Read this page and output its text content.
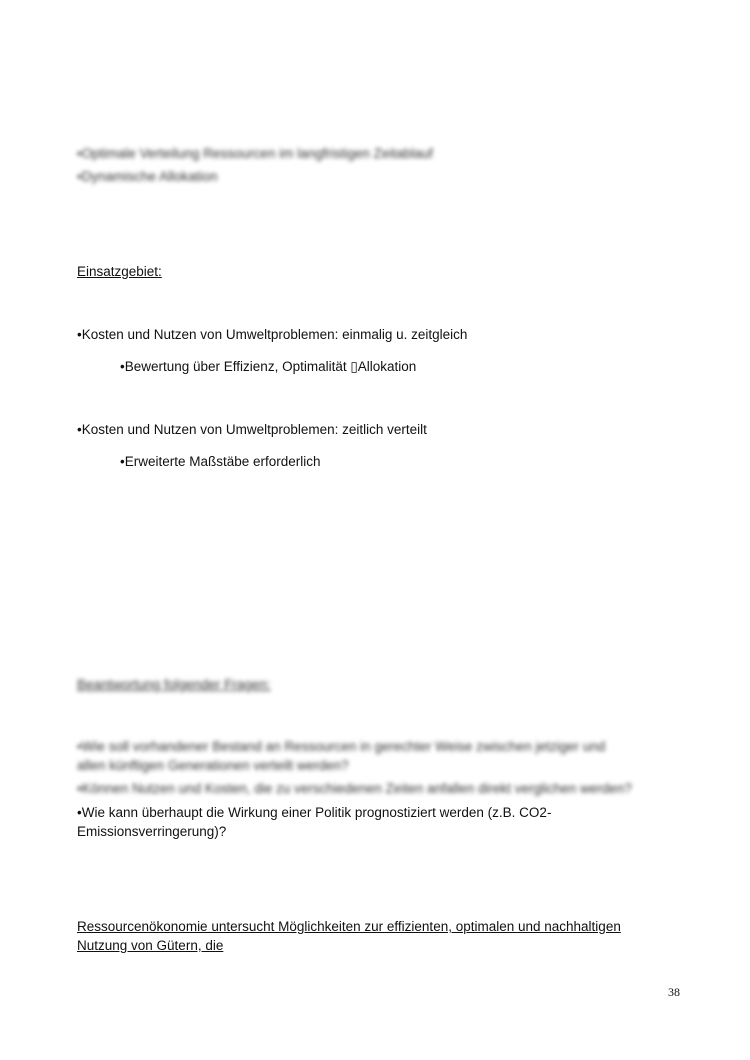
•Optimale Verteilung Ressourcen im langfristigen Zeitablauf
•Dynamische Allokation
Einsatzgebiet:
•Kosten und Nutzen von Umweltproblemen: einmalig u. zeitgleich
•Bewertung über Effizienz, Optimalität ▯Allokation
•Kosten und Nutzen von Umweltproblemen: zeitlich verteilt
•Erweiterte Maßstäbe erforderlich
Beantwortung folgender Fragen:
•Wie soll vorhandener Bestand an Ressourcen in gerechter Weise zwischen jetziger und
allen künftigen Generationen verteilt werden?
•Können Nutzen und Kosten, die zu verschiedenen Zeiten anfallen direkt verglichen werden?
•Wie kann überhaupt die Wirkung einer Politik prognostiziert werden (z.B. CO2-
Emissionsverringerung)?
Ressourcenökonomie untersucht Möglichkeiten zur effizienten, optimalen und nachhaltigen
Nutzung von Gütern, die
38
